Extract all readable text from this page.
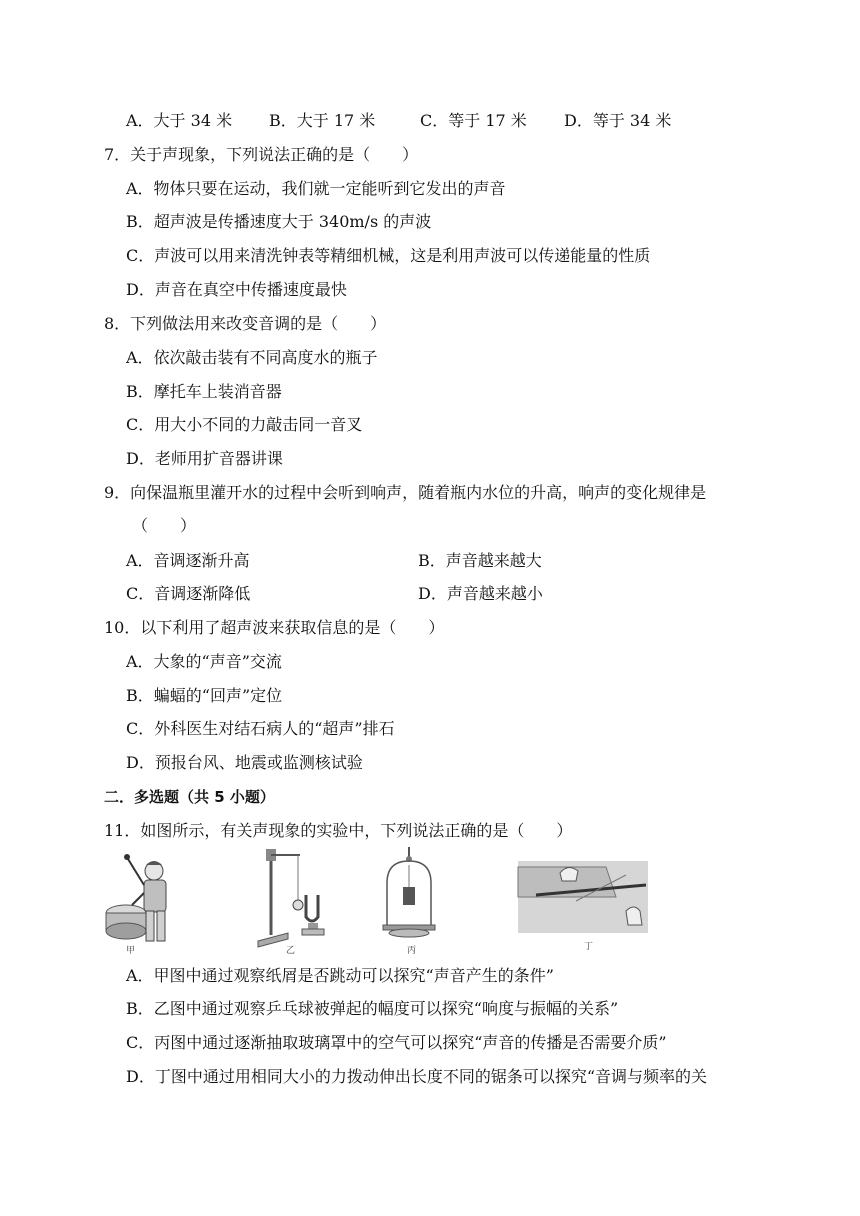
A．大于 34 米 B．大于 17 米	C．等于 17 米 D．等于 34 米
7．关于声现象，下列说法正确的是（　　）
A．物体只要在运动，我们就一定能听到它发出的声音
B．超声波是传播速度大于 340m/s 的声波
C．声波可以用来清洗钟表等精细机械，这是利用声波可以传递能量的性质
D．声音在真空中传播速度最快
8．下列做法用来改变音调的是（　　）
A．依次敲击装有不同高度水的瓶子
B．摩托车上装消音器
C．用大小不同的力敲击同一音叉
D．老师用扩音器讲课
9．向保温瓶里灌开水的过程中会听到响声，随着瓶内水位的升高，响声的变化规律是
（　　）
A．音调逐渐升高	B．声音越来越大
C．音调逐渐降低	D．声音越来越小
10．以下利用了超声波来获取信息的是（　　）
A．大象的“声音”交流
B．蝙蝠的“回声”定位
C．外科医生对结石病人的“超声”排石
D．预报台风、地震或监测核试验
二．多选题（共 5 小题）
11．如图所示，有关声现象的实验中，下列说法正确的是（　　）
甲	乙	丙	丁
A．甲图中通过观察纸屑是否跳动可以探究“声音产生的条件”
B．乙图中通过观察乒乓球被弹起的幅度可以探究“响度与振幅的关系”
C．丙图中通过逐渐抽取玻璃罩中的空气可以探究“声音的传播是否需要介质”
D．丁图中通过用相同大小的力拨动伸出长度不同的锯条可以探究“音调与频率的关
